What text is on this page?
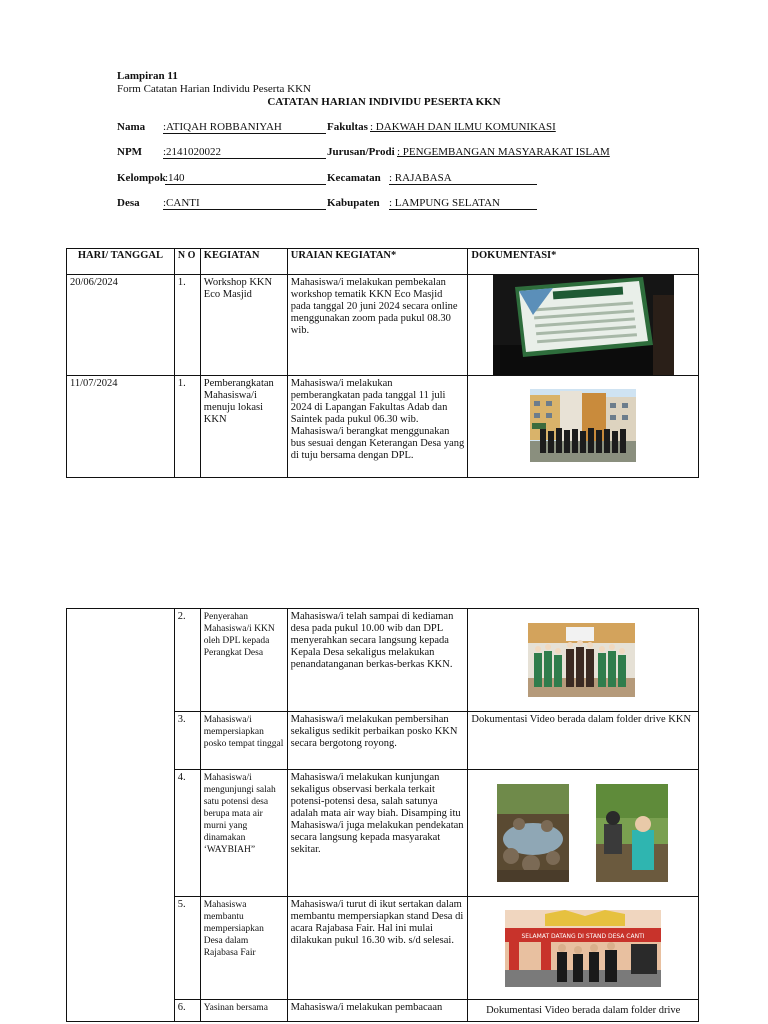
Lampiran 11
Form Catatan Harian Individu Peserta KKN
CATATAN HARIAN INDIVIDU PESERTA KKN
Nama :ATIQAH ROBBANIYAH	Fakultas : DAKWAH DAN ILMU KOMUNIKASI
NPM :2141020022	Jurusan/Prodi : PENGEMBANGAN MASYARAKAT ISLAM
Kelompok :140	Kecamatan : RAJABASA
Desa :CANTI	Kabupaten : LAMPUNG SELATAN
HARI/ TANGGAL	N O	KEGIATAN	URAIAN KEGIATAN*	DOKUMENTASI*
20/06/2024	1.	Workshop KKN Eco Masjid	Mahasiswa/i melakukan pembekalan workshop tematik KKN Eco Masjid pada tanggal 20 juni 2024 secara online menggunakan zoom pada pukul 08.30 wib.	

11/07/2024	1.	Pemberangkatan Mahasiswa/i menuju lokasi KKN	Mahasiswa/i melakukan pemberangkatan pada tanggal 11 juli 2024 di Lapangan Fakultas Adab dan Saintek pada pukul 06.30 wib. Mahasiswa/i berangkat menggunakan bus sesuai dengan Keterangan Desa yang di tuju bersama dengan DPL.	
	2.	Penyerahan Mahasiswa/i KKN oleh DPL kepada Perangkat Desa	Mahasiswa/i telah sampai di kediaman desa pada pukul 10.00 wib dan DPL menyerahkan secara langsung kepada Kepala Desa sekaligus melakukan penandatanganan berkas-berkas KKN.	

	3.	Mahasiswa/i mempersiapkan posko tempat tinggal	Mahasiswa/i melakukan pembersihan sekaligus sedikit perbaikan posko KKN secara bergotong royong.	Dokumentasi Video berada dalam folder drive KKN
	4.	Mahasiswa/i mengunjungi salah satu potensi desa berupa mata air murni yang dinamakan ‘WAYBIAH”	Mahasiswa/i melakukan kunjungan sekaligus observasi berkala terkait potensi-potensi desa, salah satunya adalah mata air way biah. Disamping itu Mahasiswa/i juga melakukan pendekatan secara langsung kepada masyarakat sekitar.	

	5.	Mahasiswa membantu mempersiapkan Desa dalam Rajabasa Fair	Mahasiswa/i turut di ikut sertakan dalam membantu mempersiapkan stand Desa di acara Rajabasa Fair. Hal ini mulai dilakukan pukul 16.30 wib. s/d selesai.	SELAMAT DATANG DI STAND DESA CANTI

	6.	Yasinan bersama	Mahasiswa/i melakukan pembacaan	Dokumentasi Video berada dalam folder drive
